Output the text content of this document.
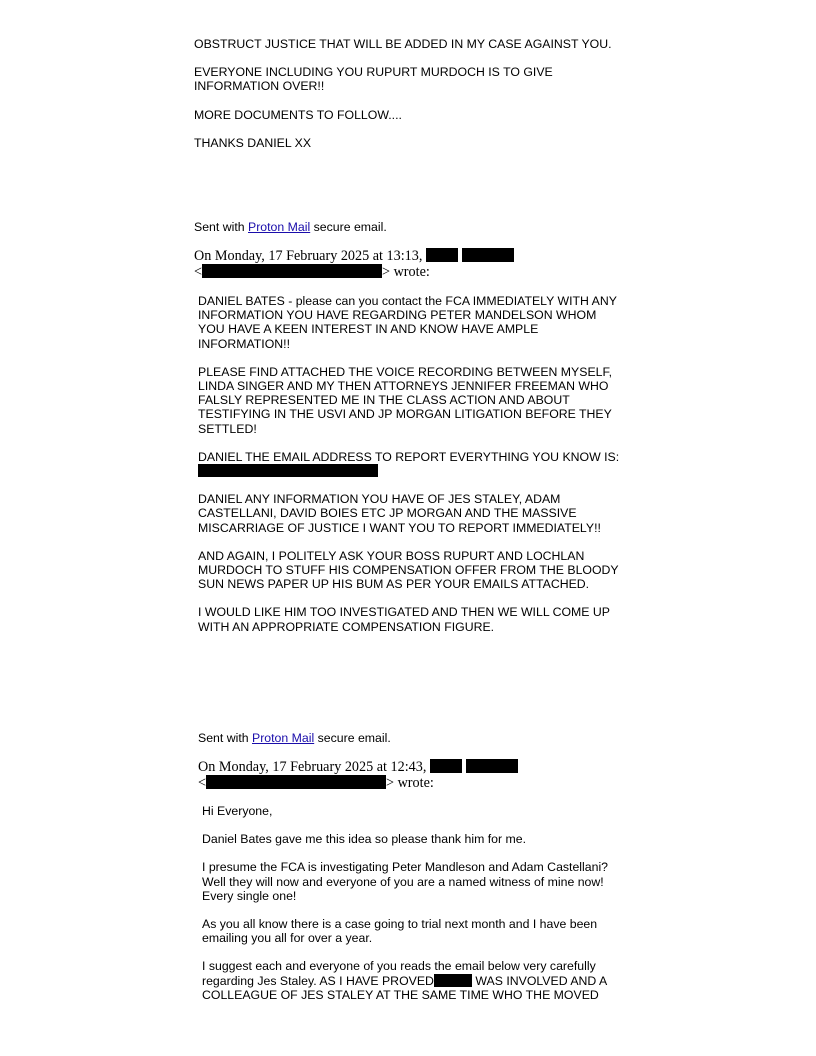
OBSTRUCT JUSTICE THAT WILL BE ADDED IN MY CASE AGAINST YOU.

EVERYONE INCLUDING YOU RUPURT MURDOCH IS TO GIVE INFORMATION OVER!!

MORE DOCUMENTS TO FOLLOW....

THANKS DANIEL XX

Sent with Proton Mail secure email.

On Monday, 17 February 2025 at 13:13,
<	> wrote:

DANIEL BATES - please can you contact the FCA IMMEDIATELY WITH ANY INFORMATION YOU HAVE REGARDING PETER MANDELSON WHOM YOU HAVE A KEEN INTEREST IN AND KNOW HAVE AMPLE INFORMATION!!

PLEASE FIND ATTACHED THE VOICE RECORDING BETWEEN MYSELF, LINDA SINGER AND MY THEN ATTORNEYS JENNIFER FREEMAN WHO FALSLY REPRESENTED ME IN THE CLASS ACTION AND ABOUT TESTIFYING IN THE USVI AND JP MORGAN LITIGATION BEFORE THEY SETTLED!

DANIEL THE EMAIL ADDRESS TO REPORT EVERYTHING YOU KNOW IS:

DANIEL ANY INFORMATION YOU HAVE OF JES STALEY, ADAM CASTELLANI, DAVID BOIES ETC JP MORGAN AND THE MASSIVE MISCARRIAGE OF JUSTICE I WANT YOU TO REPORT IMMEDIATELY!!

AND AGAIN, I POLITELY ASK YOUR BOSS RUPURT AND LOCHLAN MURDOCH TO STUFF HIS COMPENSATION OFFER FROM THE BLOODY SUN NEWS PAPER UP HIS BUM AS PER YOUR EMAILS ATTACHED.

I WOULD LIKE HIM TOO INVESTIGATED AND THEN WE WILL COME UP WITH AN APPROPRIATE COMPENSATION FIGURE.

Sent with Proton Mail secure email.

On Monday, 17 February 2025 at 12:43,
<	> wrote:

Hi Everyone,

Daniel Bates gave me this idea so please thank him for me.

I presume the FCA is investigating Peter Mandleson and Adam Castellani? Well they will now and everyone of you are a named witness of mine now! Every single one!

As you all know there is a case going to trial next month and I have been emailing you all for over a year.

I suggest each and everyone of you reads the email below very carefully regarding Jes Staley. AS I HAVE PROVED	WAS INVOLVED AND A COLLEAGUE OF JES STALEY AT THE SAME TIME WHO THE MOVED
